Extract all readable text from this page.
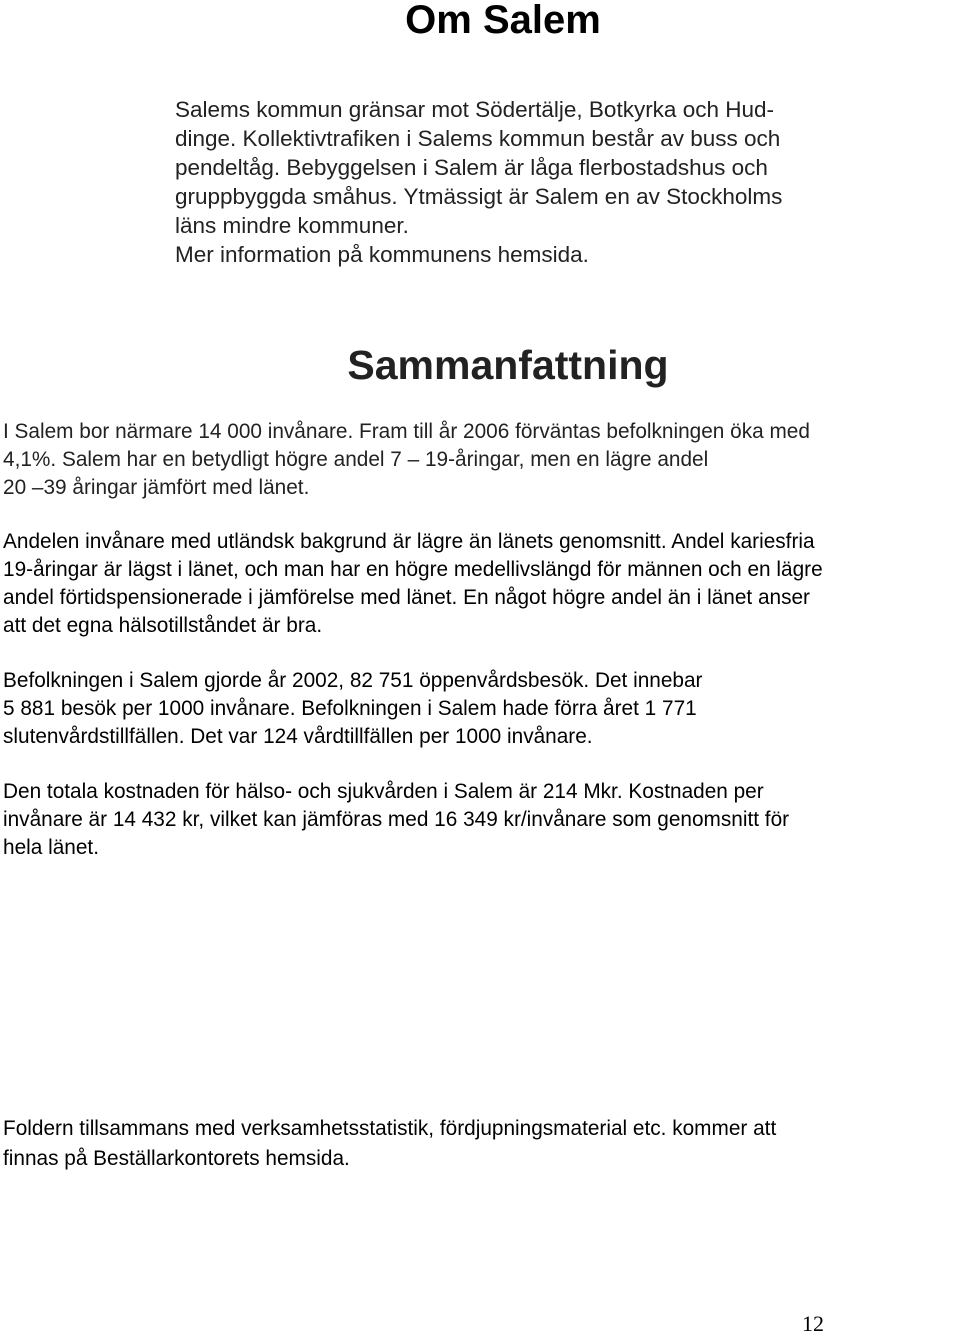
Om Salem

Salems kommun gränsar mot Södertälje, Botkyrka och Hud-
dinge. Kollektivtrafiken i Salems kommun består av buss och
pendeltåg. Bebyggelsen i Salem är låga flerbostadshus och
gruppbyggda småhus. Ytmässigt är Salem en av Stockholms
läns mindre kommuner.
Mer information på kommunens hemsida.

Sammanfattning

I Salem bor närmare 14 000 invånare. Fram till år 2006 förväntas befolkningen öka med
4,1%. Salem har en betydligt högre andel 7 – 19-åringar, men en lägre andel
20 –39 åringar jämfört med länet.

Andelen invånare med utländsk bakgrund är lägre än länets genomsnitt. Andel kariesfria
19-åringar är lägst i länet, och man har en högre medellivslängd för männen och en lägre
andel förtidspensionerade i jämförelse med länet. En något högre andel än i länet anser
att det egna hälsotillståndet är bra.

Befolkningen i Salem gjorde år 2002, 82 751 öppenvårdsbesök. Det innebar
5 881 besök per 1000 invånare. Befolkningen i Salem hade förra året 1 771
slutenvårdstillfällen. Det var 124 vårdtillfällen per 1000 invånare.

Den totala kostnaden för hälso- och sjukvården i Salem är 214 Mkr. Kostnaden per
invånare är 14 432 kr, vilket kan jämföras med 16 349 kr/invånare som genomsnitt för
hela länet.

Foldern tillsammans med verksamhetsstatistik, fördjupningsmaterial etc. kommer att
finnas på Beställarkontorets hemsida.

12
